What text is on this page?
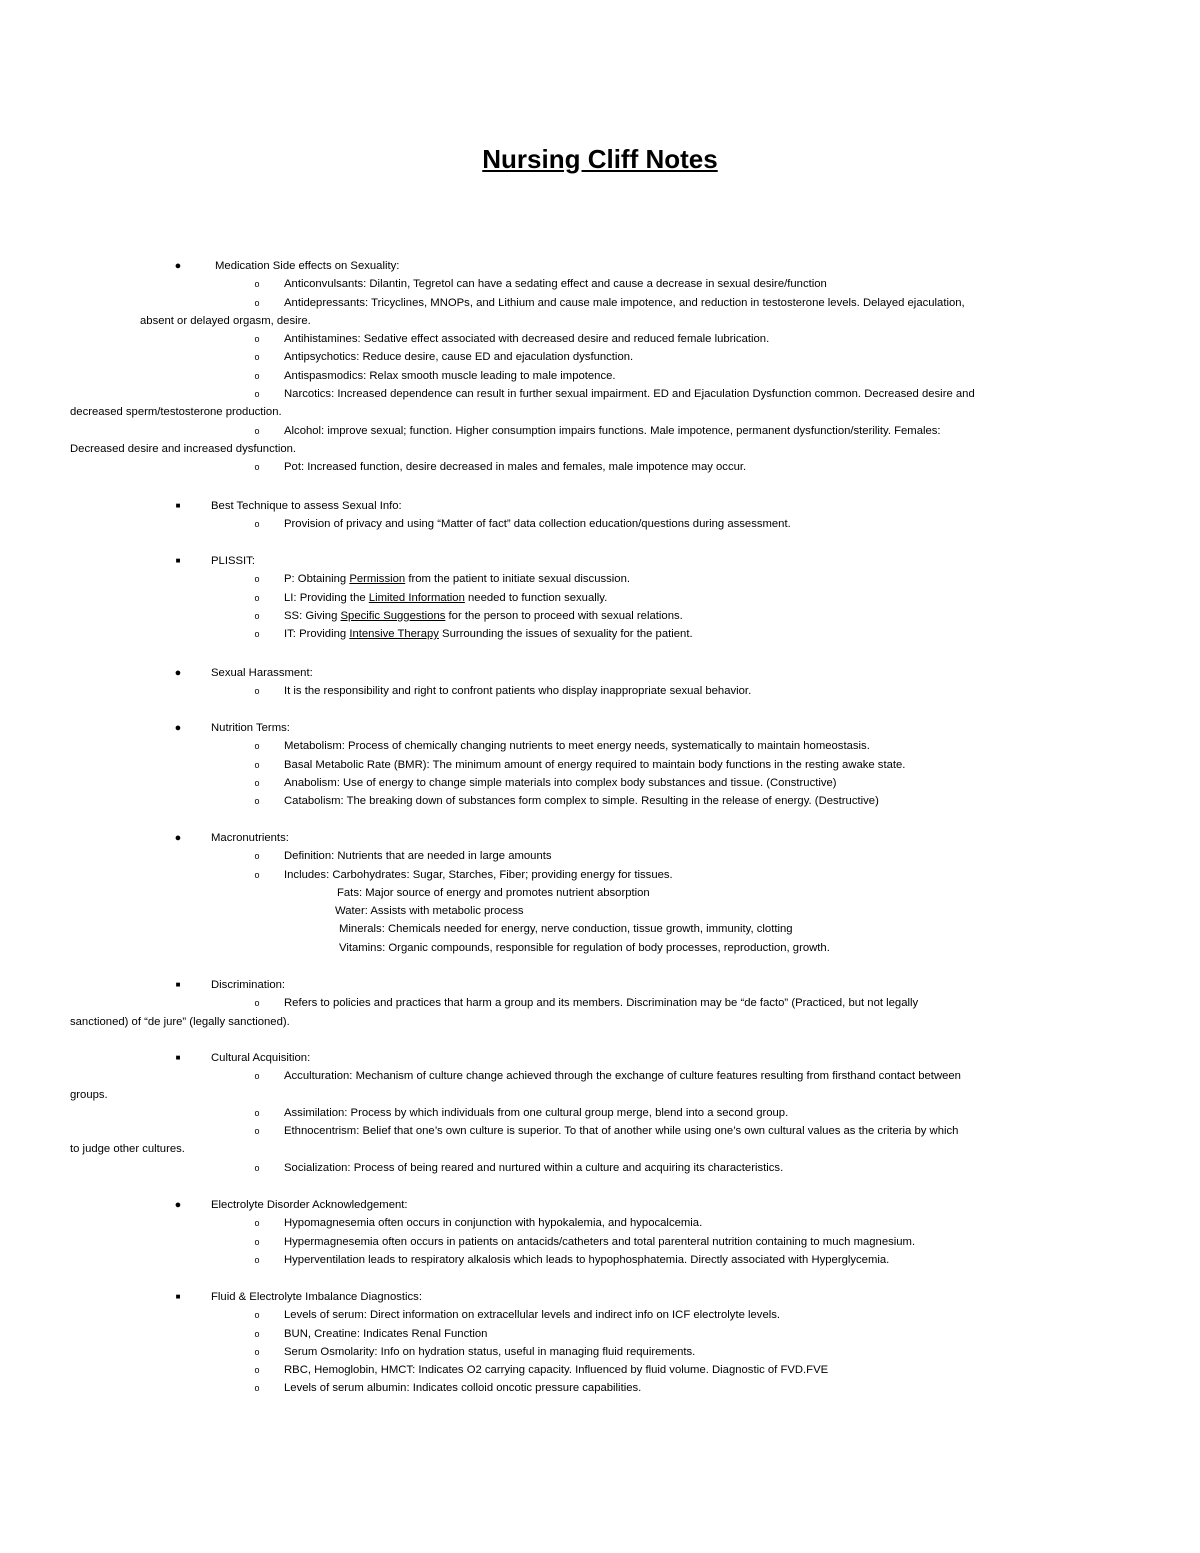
Nursing Cliff Notes
●	Medication Side effects on Sexuality:
o	Anticonvulsants: Dilantin, Tegretol can have a sedating effect and cause a decrease in sexual desire/function
o	Antidepressants: Tricyclines, MNOPs, and Lithium and cause male impotence, and reduction in testosterone levels. Delayed ejaculation,
absent or delayed orgasm, desire.
o	Antihistamines: Sedative effect associated with decreased desire and reduced female lubrication.
o	Antipsychotics: Reduce desire, cause ED and ejaculation dysfunction.
o	Antispasmodics: Relax smooth muscle leading to male impotence.
o	Narcotics: Increased dependence can result in further sexual impairment. ED and Ejaculation Dysfunction common. Decreased desire and
decreased sperm/testosterone production.
o	Alcohol: improve sexual; function. Higher consumption impairs functions. Male impotence, permanent dysfunction/sterility. Females:
Decreased desire and increased dysfunction.
o	Pot: Increased function, desire decreased in males and females, male impotence may occur.
■	Best Technique to assess Sexual Info:
o	Provision of privacy and using “Matter of fact” data collection education/questions during assessment.
■	PLISSIT:
o	P: Obtaining Permission from the patient to initiate sexual discussion.
o	LI: Providing the Limited Information needed to function sexually.
o	SS: Giving Specific Suggestions for the person to proceed with sexual relations.
o	IT: Providing Intensive Therapy Surrounding the issues of sexuality for the patient.
●	Sexual Harassment:
o	It is the responsibility and right to confront patients who display inappropriate sexual behavior.
●	Nutrition Terms:
o	Metabolism: Process of chemically changing nutrients to meet energy needs, systematically to maintain homeostasis.
o	Basal Metabolic Rate (BMR): The minimum amount of energy required to maintain body functions in the resting awake state.
o	Anabolism: Use of energy to change simple materials into complex body substances and tissue. (Constructive)
o	Catabolism: The breaking down of substances form complex to simple. Resulting in the release of energy. (Destructive)
●	Macronutrients:
o	Definition: Nutrients that are needed in large amounts
o	Includes: Carbohydrates: Sugar, Starches, Fiber; providing energy for tissues.
Fats: Major source of energy and promotes nutrient absorption
Water: Assists with metabolic process
Minerals: Chemicals needed for energy, nerve conduction, tissue growth, immunity, clotting
Vitamins: Organic compounds, responsible for regulation of body processes, reproduction, growth.
■	Discrimination:
o	Refers to policies and practices that harm a group and its members. Discrimination may be “de facto” (Practiced, but not legally
sanctioned) of “de jure” (legally sanctioned).
■	Cultural Acquisition:
o	Acculturation: Mechanism of culture change achieved through the exchange of culture features resulting from firsthand contact between
groups.
o	Assimilation: Process by which individuals from one cultural group merge, blend into a second group.
o	Ethnocentrism: Belief that one’s own culture is superior. To that of another while using one’s own cultural values as the criteria by which
to judge other cultures.
o	Socialization: Process of being reared and nurtured within a culture and acquiring its characteristics.
●	Electrolyte Disorder Acknowledgement:
o	Hypomagnesemia often occurs in conjunction with hypokalemia, and hypocalcemia.
o	Hypermagnesemia often occurs in patients on antacids/catheters and total parenteral nutrition containing to much magnesium.
o	Hyperventilation leads to respiratory alkalosis which leads to hypophosphatemia. Directly associated with Hyperglycemia.
■	Fluid & Electrolyte Imbalance Diagnostics:
o	Levels of serum: Direct information on extracellular levels and indirect info on ICF electrolyte levels.
o	BUN, Creatine: Indicates Renal Function
o	Serum Osmolarity: Info on hydration status, useful in managing fluid requirements.
o	RBC, Hemoglobin, HMCT: Indicates O2 carrying capacity. Influenced by fluid volume. Diagnostic of FVD.FVE
o	Levels of serum albumin: Indicates colloid oncotic pressure capabilities.
